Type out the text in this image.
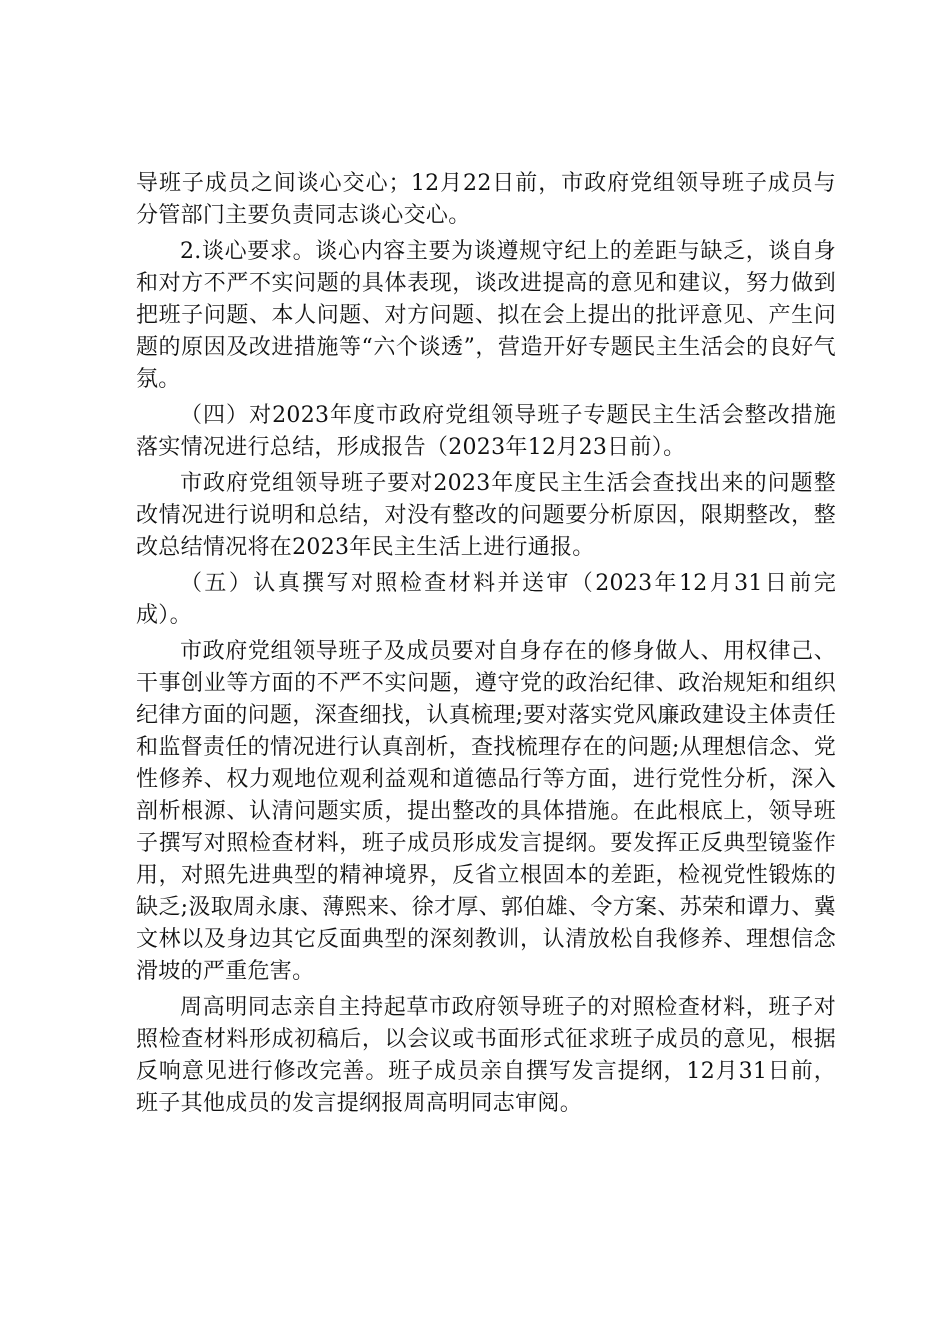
导班子成员之间谈心交心；12月22日前，市政府党组领导班子成员与分管部门主要负责同志谈心交心。

2.谈心要求。谈心内容主要为谈遵规守纪上的差距与缺乏，谈自身和对方不严不实问题的具体表现，谈改进提高的意见和建议，努力做到把班子问题、本人问题、对方问题、拟在会上提出的批评意见、产生问题的原因及改进措施等“六个谈透”，营造开好专题民主生活会的良好气氛。

（四）对2023年度市政府党组领导班子专题民主生活会整改措施落实情况进行总结，形成报告（2023年12月23日前）。

市政府党组领导班子要对2023年度民主生活会查找出来的问题整改情况进行说明和总结，对没有整改的问题要分析原因，限期整改，整改总结情况将在2023年民主生活上进行通报。

（五）认真撰写对照检查材料并送审（2023年12月31日前完成）。

市政府党组领导班子及成员要对自身存在的修身做人、用权律己、干事创业等方面的不严不实问题，遵守党的政治纪律、政治规矩和组织纪律方面的问题，深查细找，认真梳理;要对落实党风廉政建设主体责任和监督责任的情况进行认真剖析，查找梳理存在的问题;从理想信念、党性修养、权力观地位观利益观和道德品行等方面，进行党性分析，深入剖析根源、认清问题实质，提出整改的具体措施。在此根底上，领导班子撰写对照检查材料，班子成员形成发言提纲。要发挥正反典型镜鉴作用，对照先进典型的精神境界，反省立根固本的差距，检视党性锻炼的缺乏;汲取周永康、薄熙来、徐才厚、郭伯雄、令方案、苏荣和谭力、冀文林以及身边其它反面典型的深刻教训，认清放松自我修养、理想信念滑坡的严重危害。

周高明同志亲自主持起草市政府领导班子的对照检查材料，班子对照检查材料形成初稿后，以会议或书面形式征求班子成员的意见，根据反响意见进行修改完善。班子成员亲自撰写发言提纲，12月31日前，班子其他成员的发言提纲报周高明同志审阅。
